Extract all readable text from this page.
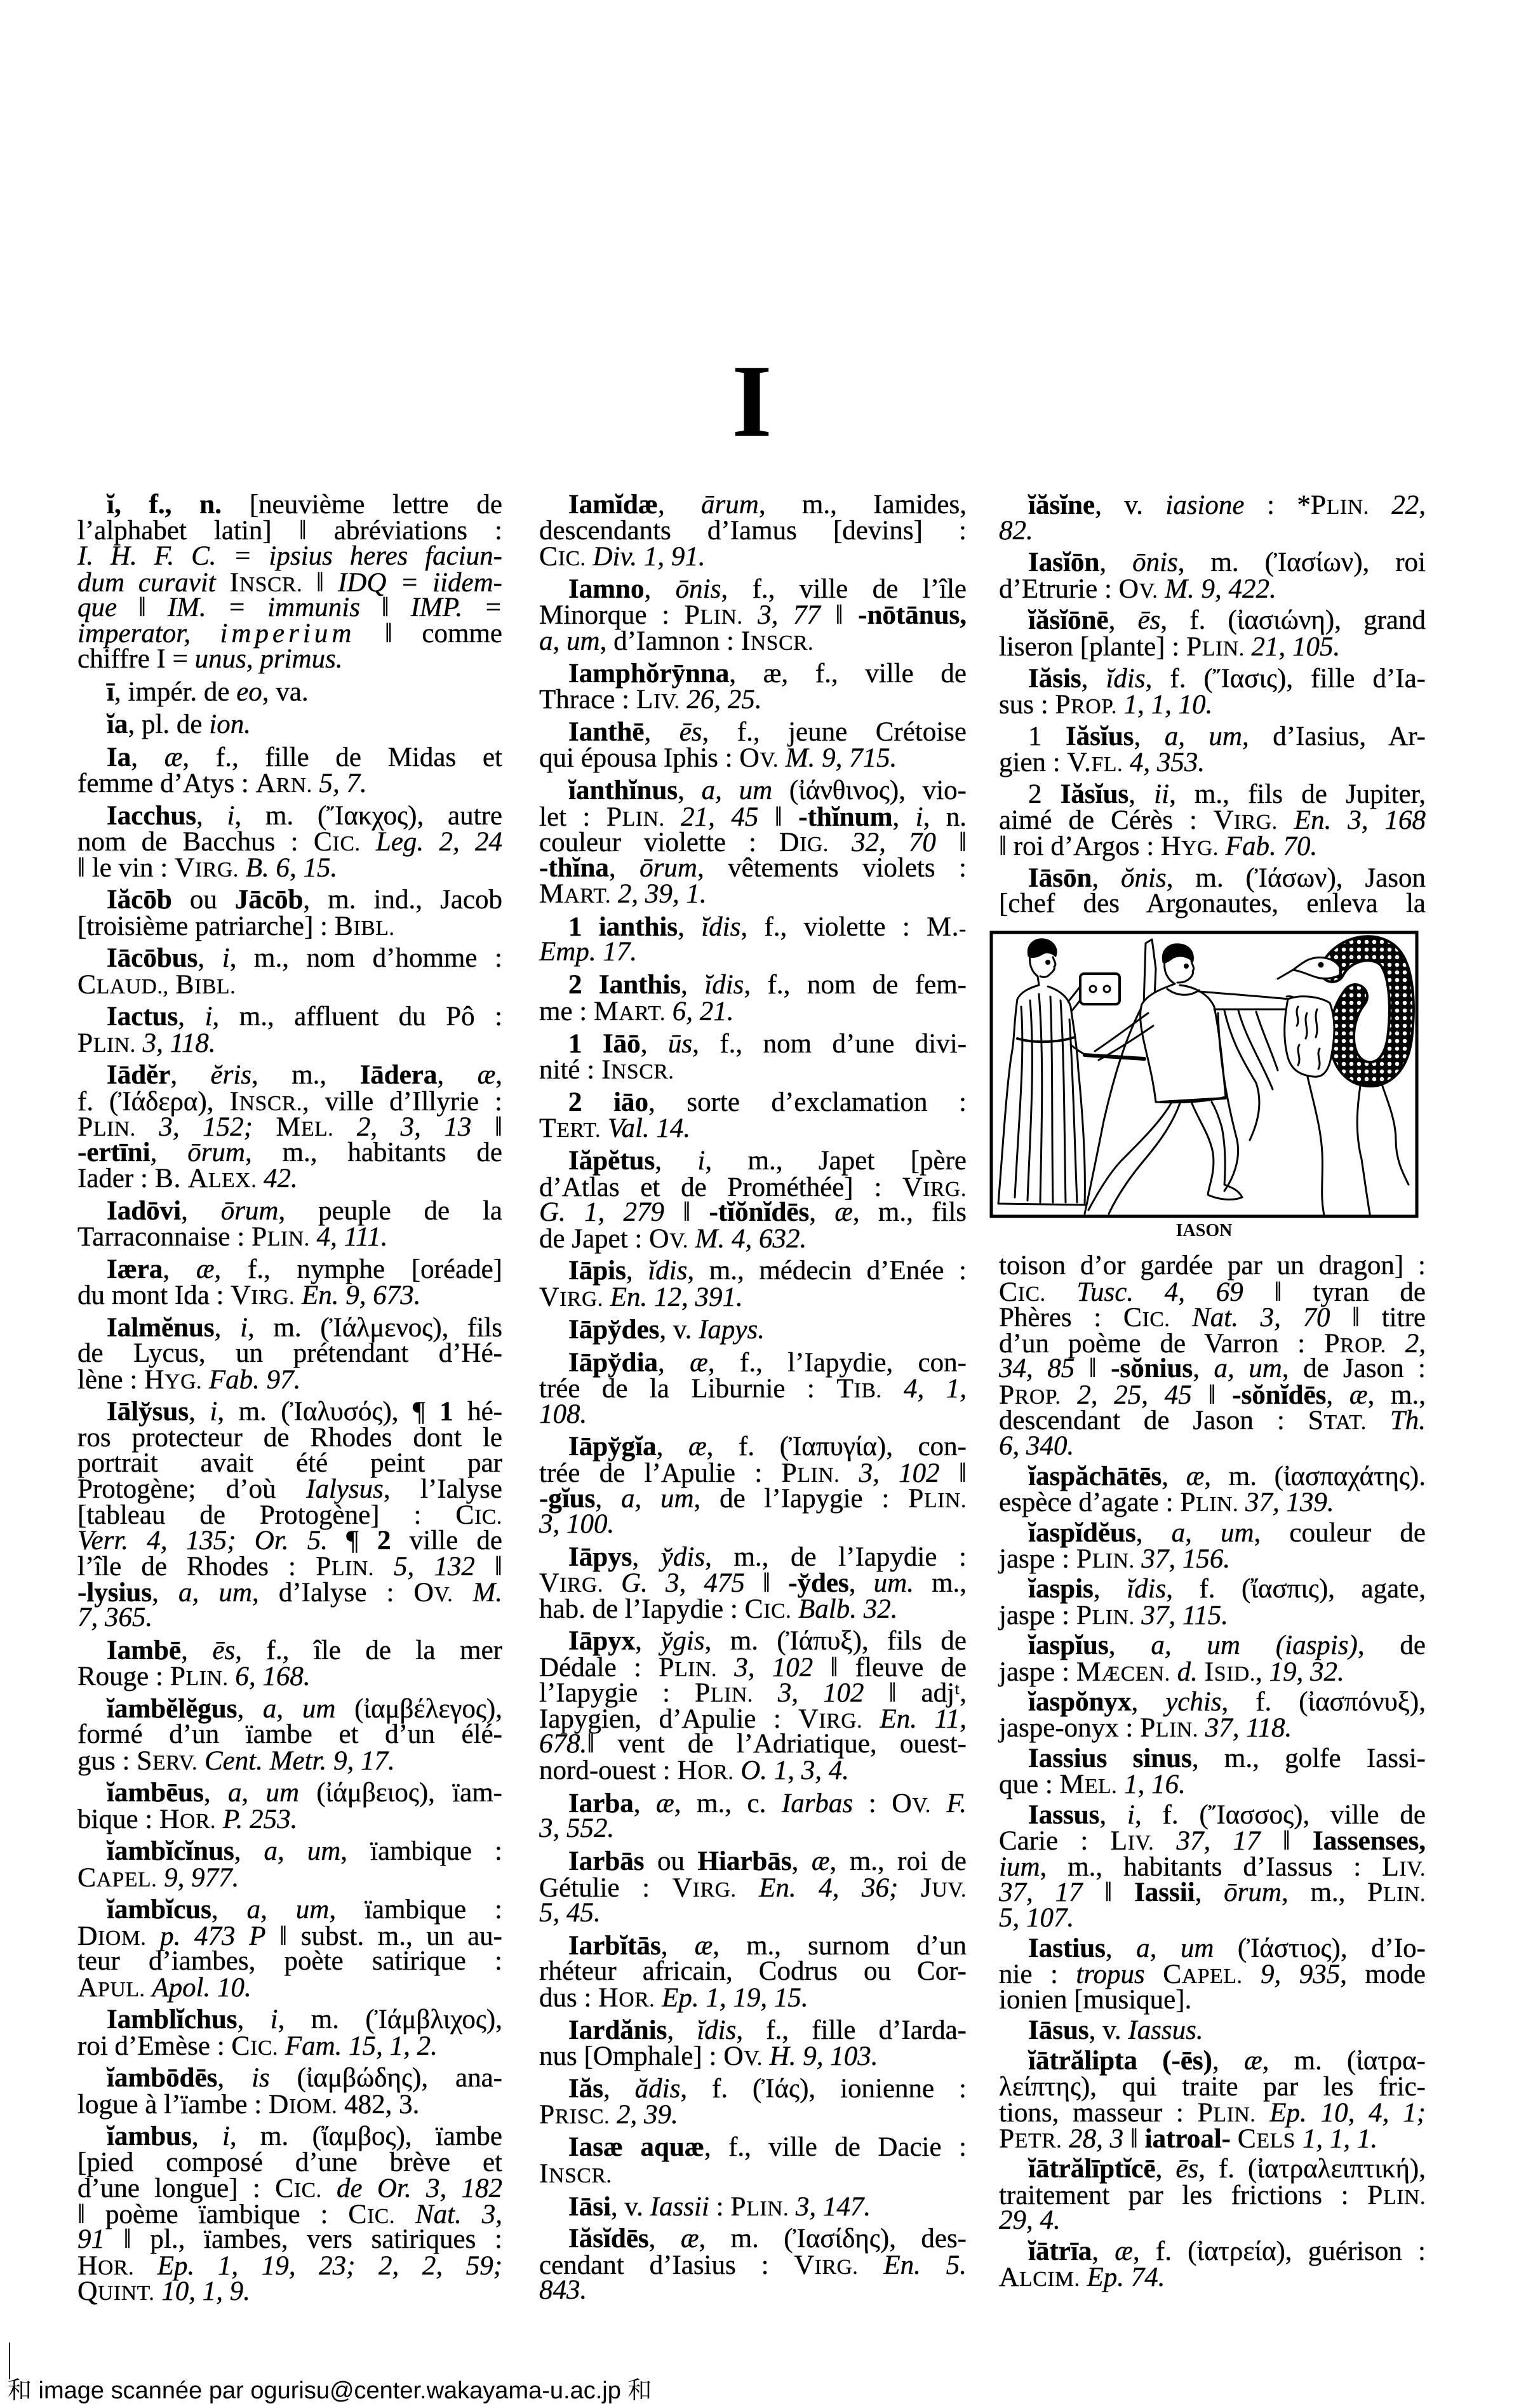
I
ĭ, f., n. [neuvième lettre de
l’alphabet latin] ‖ abréviations :
I. H. F. C. = ipsius heres faciun-
dum curavit INSCR. ‖ IDQ = iidem-
que ‖ IM. = immunis ‖ IMP. =
imperator, imperium ‖ comme
chiffre I = unus, primus.
ī, impér. de eo, va.
ĭa, pl. de ion.
Ia, æ, f., fille de Midas et
femme d’Atys : ARN. 5, 7.
Iacchus, i, m. (Ἴακχος), autre
nom de Bacchus : CIC. Leg. 2, 24
‖ le vin : VIRG. B. 6, 15.
Iăcōb ou Jācōb, m. ind., Jacob
[troisième patriarche] : BIBL.
Iācōbus, i, m., nom d’homme :
CLAUD., BIBL.
Iactus, i, m., affluent du Pô :
PLIN. 3, 118.
Iādĕr, ĕris, m., Iādera, æ,
f. (Ἰάδερα), INSCR., ville d’Illyrie :
PLIN. 3, 152; MEL. 2, 3, 13 ‖
-ertīni, ōrum, m., habitants de
Iader : B. ALEX. 42.
Iadōvi, ōrum, peuple de la
Tarraconnaise : PLIN. 4, 111.
Iæra, æ, f., nymphe [oréade]
du mont Ida : VIRG. En. 9, 673.
Ialmĕnus, i, m. (Ἰάλμενος), fils
de Lycus, un prétendant d’Hé-
lène : HYG. Fab. 97.
Iāly̆sus, i, m. (Ἰαλυσός), ¶ 1 hé-
ros protecteur de Rhodes dont le
portrait avait été peint par
Protogène; d’où Ialysus, l’Ialyse
[tableau de Protogène] : CIC.
Verr. 4, 135; Or. 5. ¶ 2 ville de
l’île de Rhodes : PLIN. 5, 132 ‖
-lysius, a, um, d’Ialyse : OV. M.
7, 365.
Iambē, ēs, f., île de la mer
Rouge : PLIN. 6, 168.
ĭambĕlĕgus, a, um (ἰαμβέλεγος),
formé d’un ïambe et d’un élé-
gus : SERV. Cent. Metr. 9, 17.
ĭambēus, a, um (ἰάμβειος), ïam-
bique : HOR. P. 253.
ĭambĭcĭnus, a, um, ïambique :
CAPEL. 9, 977.
ĭambĭcus, a, um, ïambique :
DIOM. p. 473 P ‖ subst. m., un au-
teur d’iambes, poète satirique :
APUL. Apol. 10.
Iamblĭchus, i, m. (Ἰάμβλιχος),
roi d’Emèse : CIC. Fam. 15, 1, 2.
ĭambōdēs, is (ἰαμβώδης), ana-
logue à l’ïambe : DIOM. 482, 3.
ĭambus, i, m. (ἴαμβος), ïambe
[pied composé d’une brève et
d’une longue] : CIC. de Or. 3, 182
‖ poème ïambique : CIC. Nat. 3,
91 ‖ pl., ïambes, vers satiriques :
HOR. Ep. 1, 19, 23; 2, 2, 59;
QUINT. 10, 1, 9.
Iamĭdæ, ārum, m., Iamides,
descendants d’Iamus [devins] :
CIC. Div. 1, 91.
Iamno, ōnis, f., ville de l’île
Minorque : PLIN. 3, 77 ‖ -nōtānus,
a, um, d’Iamnon : INSCR.
Iamphŏrȳnna, æ, f., ville de
Thrace : LIV. 26, 25.
Ianthē, ēs, f., jeune Crétoise
qui épousa Iphis : OV. M. 9, 715.
ĭanthĭnus, a, um (ἰάνθινος), vio-
let : PLIN. 21, 45 ‖ -thĭnum, i, n.
couleur violette : DIG. 32, 70 ‖
-thĭna, ōrum, vêtements violets :
MART. 2, 39, 1.
1 ianthis, ĭdis, f., violette : M.-
Emp. 17.
2 Ianthis, ĭdis, f., nom de fem-
me : MART. 6, 21.
1 Iāō, ūs, f., nom d’une divi-
nité : INSCR.
2 iāo, sorte d’exclamation :
TERT. Val. 14.
Iăpĕtus, i, m., Japet [père
d’Atlas et de Prométhée] : VIRG.
G. 1, 279 ‖ -tĭŏnĭdēs, æ, m., fils
de Japet : OV. M. 4, 632.
Iāpis, ĭdis, m., médecin d’Enée :
VIRG. En. 12, 391.
Iāpy̆des, v. Iapys.
Iāpy̆dia, æ, f., l’Iapydie, con-
trée de la Liburnie : TIB. 4, 1,
108.
Iāpy̆gĭa, æ, f. (Ἰαπυγία), con-
trée de l’Apulie : PLIN. 3, 102 ‖
-gĭus, a, um, de l’Iapygie : PLIN.
3, 100.
Iāpys, y̆dis, m., de l’Iapydie :
VIRG. G. 3, 475 ‖ -y̆des, um. m.,
hab. de l’Iapydie : CIC. Balb. 32.
Iāpyx, y̆gis, m. (Ἰάπυξ), fils de
Dédale : PLIN. 3, 102 ‖ fleuve de
l’Iapygie : PLIN. 3, 102 ‖ adjᵗ,
Iapygien, d’Apulie : VIRG. En. 11,
678.‖ vent de l’Adriatique, ouest-
nord-ouest : HOR. O. 1, 3, 4.
Iarba, æ, m., c. Iarbas : OV. F.
3, 552.
Iarbās ou Hiarbās, æ, m., roi de
Gétulie : VIRG. En. 4, 36; JUV.
5, 45.
Iarbĭtās, æ, m., surnom d’un
rhéteur africain, Codrus ou Cor-
dus : HOR. Ep. 1, 19, 15.
Iardănis, ĭdis, f., fille d’Iarda-
nus [Omphale] : OV. H. 9, 103.
Iăs, ădis, f. (Ἰάς), ionienne :
PRISC. 2, 39.
Iasæ aquæ, f., ville de Dacie :
INSCR.
Iāsi, v. Iassii : PLIN. 3, 147.
Iăsĭdēs, æ, m. (Ἰασίδης), des-
cendant d’Iasius : VIRG. En. 5.
843.
ĭăsĭne, v. iasione : *PLIN. 22,
82.
Iasĭōn, ōnis, m. (Ἰασίων), roi
d’Etrurie : OV. M. 9, 422.
ĭăsĭōnē, ēs, f. (ἰασιώνη), grand
liseron [plante] : PLIN. 21, 105.
Iăsis, ĭdis, f. (Ἴασις), fille d’Ia-
sus : PROP. 1, 1, 10.
1 Iăsĭus, a, um, d’Iasius, Ar-
gien : V.FL. 4, 353.
2 Iăsĭus, ii, m., fils de Jupiter,
aimé de Cérès : VIRG. En. 3, 168
‖ roi d’Argos : HYG. Fab. 70.
Iāsōn, ŏnis, m. (Ἰάσων), Jason
[chef des Argonautes, enleva la
IASON
toison d’or gardée par un dragon] :
CIC. Tusc. 4, 69 ‖ tyran de
Phères : CIC. Nat. 3, 70 ‖ titre
d’un poème de Varron : PROP. 2,
34, 85 ‖ -sŏnius, a, um, de Jason :
PROP. 2, 25, 45 ‖ -sŏnĭdēs, æ, m.,
descendant de Jason : STAT. Th.
6, 340.
ĭaspăchātēs, æ, m. (ἰασπαχάτης).
espèce d’agate : PLIN. 37, 139.
ĭaspĭdĕus, a, um, couleur de
jaspe : PLIN. 37, 156.
ĭaspis, ĭdis, f. (ἴασπις), agate,
jaspe : PLIN. 37, 115.
ĭaspĭus, a, um (iaspis), de
jaspe : MÆCEN. d. ISID., 19, 32.
ĭaspŏnyx, ychis, f. (ἰασπόνυξ),
jaspe-onyx : PLIN. 37, 118.
Iassius sinus, m., golfe Iassi-
que : MEL. 1, 16.
Iassus, i, f. (Ἴασσος), ville de
Carie : LIV. 37, 17 ‖ Iassenses,
ium, m., habitants d’Iassus : LIV.
37, 17 ‖ Iassii, ōrum, m., PLIN.
5, 107.
Iastius, a, um (Ἰάστιος), d’Io-
nie : tropus CAPEL. 9, 935, mode
ionien [musique].
Iāsus, v. Iassus.
ĭātrălipta (-ēs), æ, m. (ἰατρα-
λείπτης), qui traite par les fric-
tions, masseur : PLIN. Ep. 10, 4, 1;
PETR. 28, 3 ‖ iatroal- CELS 1, 1, 1.
ĭātrălīptĭcē, ēs, f. (ἰατραλειπτική),
traitement par les frictions : PLIN.
29, 4.
ĭātrīa, æ, f. (ἰατρεία), guérison :
ALCIM. Ep. 74.
和 image scannée par ogurisu@center.wakayama-u.ac.jp 和
